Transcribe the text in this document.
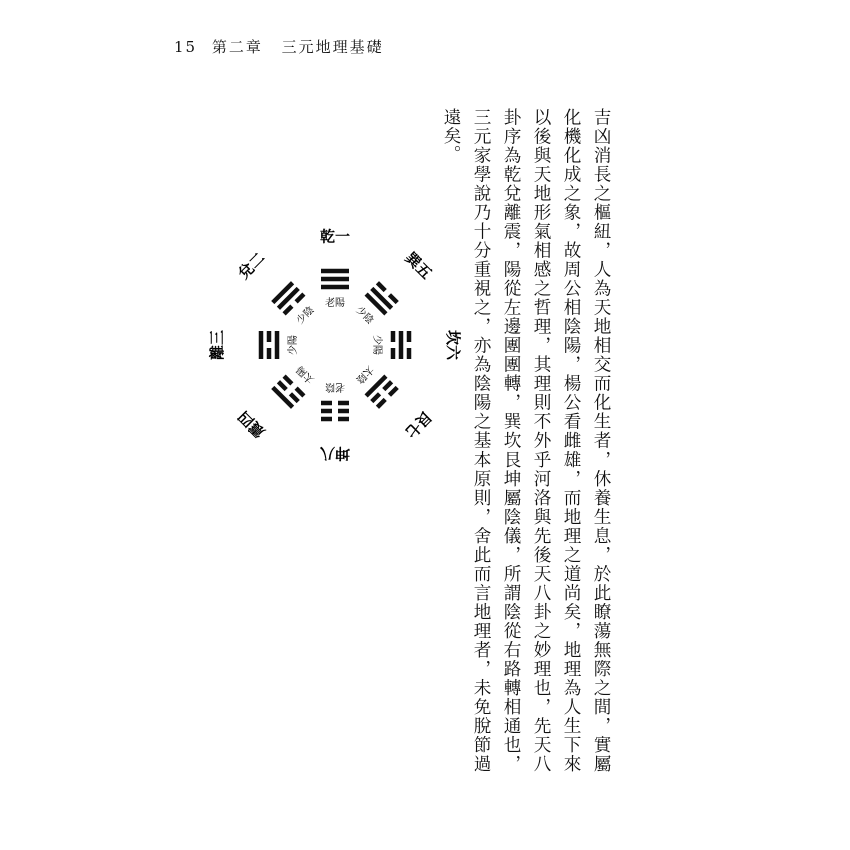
15 第二章 三元地理基礎
乾一
老陽
兌二
少陰
離三	少陽
震四
太陽
巽五
少陰
坎六
少陽
艮七
太陰
坤八
老陰	吉凶消長之樞紐，人為天地相交而化生者，休養生息，於此瞭蕩無際之間，實屬化機化成之象，故周公相陰陽，楊公看雌雄，而地理之道尚矣，地理為人生下來以後與天地形氣相感之哲理，其理則不外乎河洛與先後天八卦之妙理也，先天八卦序為乾兌離震，陽從左邊團團轉，巽坎艮坤屬陰儀，所謂陰從右路轉相通也，三元家學說乃十分重視之，亦為陰陽之基本原則，舍此而言地理者，未免脫節過遠矣。
